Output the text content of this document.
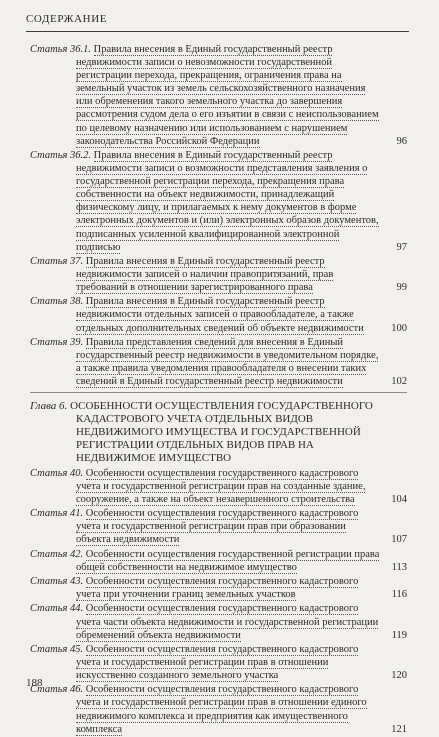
СОДЕРЖАНИЕ
Статья 36.1. Правила внесения в Единый государственный реестр недвижимости записи о невозможности государственной регистрации перехода, прекращения, ограничения права на земельный участок из земель сельскохозяйственного назначения или обременения такого земельного участка до завершения рассмотрения судом дела о его изъятии в связи с неиспользованием по целевому назначению или использованием с нарушением законодательства Российской Федерации	96
Статья 36.2. Правила внесения в Единый государственный реестр недвижимости записи о возможности представления заявления о государственной регистрации перехода, прекращения права собственности на объект недвижимости, принадлежащий физическому лицу, и прилагаемых к нему документов в форме электронных документов и (или) электронных образов документов, подписанных усиленной квалифицированной электронной подписью	97
Статья 37. Правила внесения в Единый государственный реестр недвижимости записей о наличии правопритязаний, прав требований в отношении зарегистрированного права	99
Статья 38. Правила внесения в Единый государственный реестр недвижимости отдельных записей о правообладателе, а также отдельных дополнительных сведений об объекте недвижимости	100
Статья 39. Правила представления сведений для внесения в Единый государственный реестр недвижимости в уведомительном порядке, а также правила уведомления правообладателя о внесении таких сведений в Единый государственный реестр недвижимости	102
Глава 6. ОСОБЕННОСТИ ОСУЩЕСТВЛЕНИЯ ГОСУДАРСТВЕННОГО КАДАСТРОВОГО УЧЕТА ОТДЕЛЬНЫХ ВИДОВ НЕДВИЖИМОГО ИМУЩЕСТВА И ГОСУДАРСТВЕННОЙ РЕГИСТРАЦИИ ОТДЕЛЬНЫХ ВИДОВ ПРАВ НА НЕДВИЖИМОЕ ИМУЩЕСТВО
Статья 40. Особенности осуществления государственного кадастрового учета и государственной регистрации прав на созданные здание, сооружение, а также на объект незавершенного строительства	104
Статья 41. Особенности осуществления государственного кадастрового учета и государственной регистрации прав при образовании объекта недвижимости	107
Статья 42. Особенности осуществления государственной регистрации права общей собственности на недвижимое имущество	113
Статья 43. Особенности осуществления государственного кадастрового учета при уточнении границ земельных участков	116
Статья 44. Особенности осуществления государственного кадастрового учета части объекта недвижимости и государственной регистрации обременений объекта недвижимости	119
Статья 45. Особенности осуществления государственного кадастрового учета и государственной регистрации прав в отношении искусственно созданного земельного участка	120
Статья 46. Особенности осуществления государственного кадастрового учета и государственной регистрации прав в отношении единого недвижимого комплекса и предприятия как имущественного комплекса	121
188
